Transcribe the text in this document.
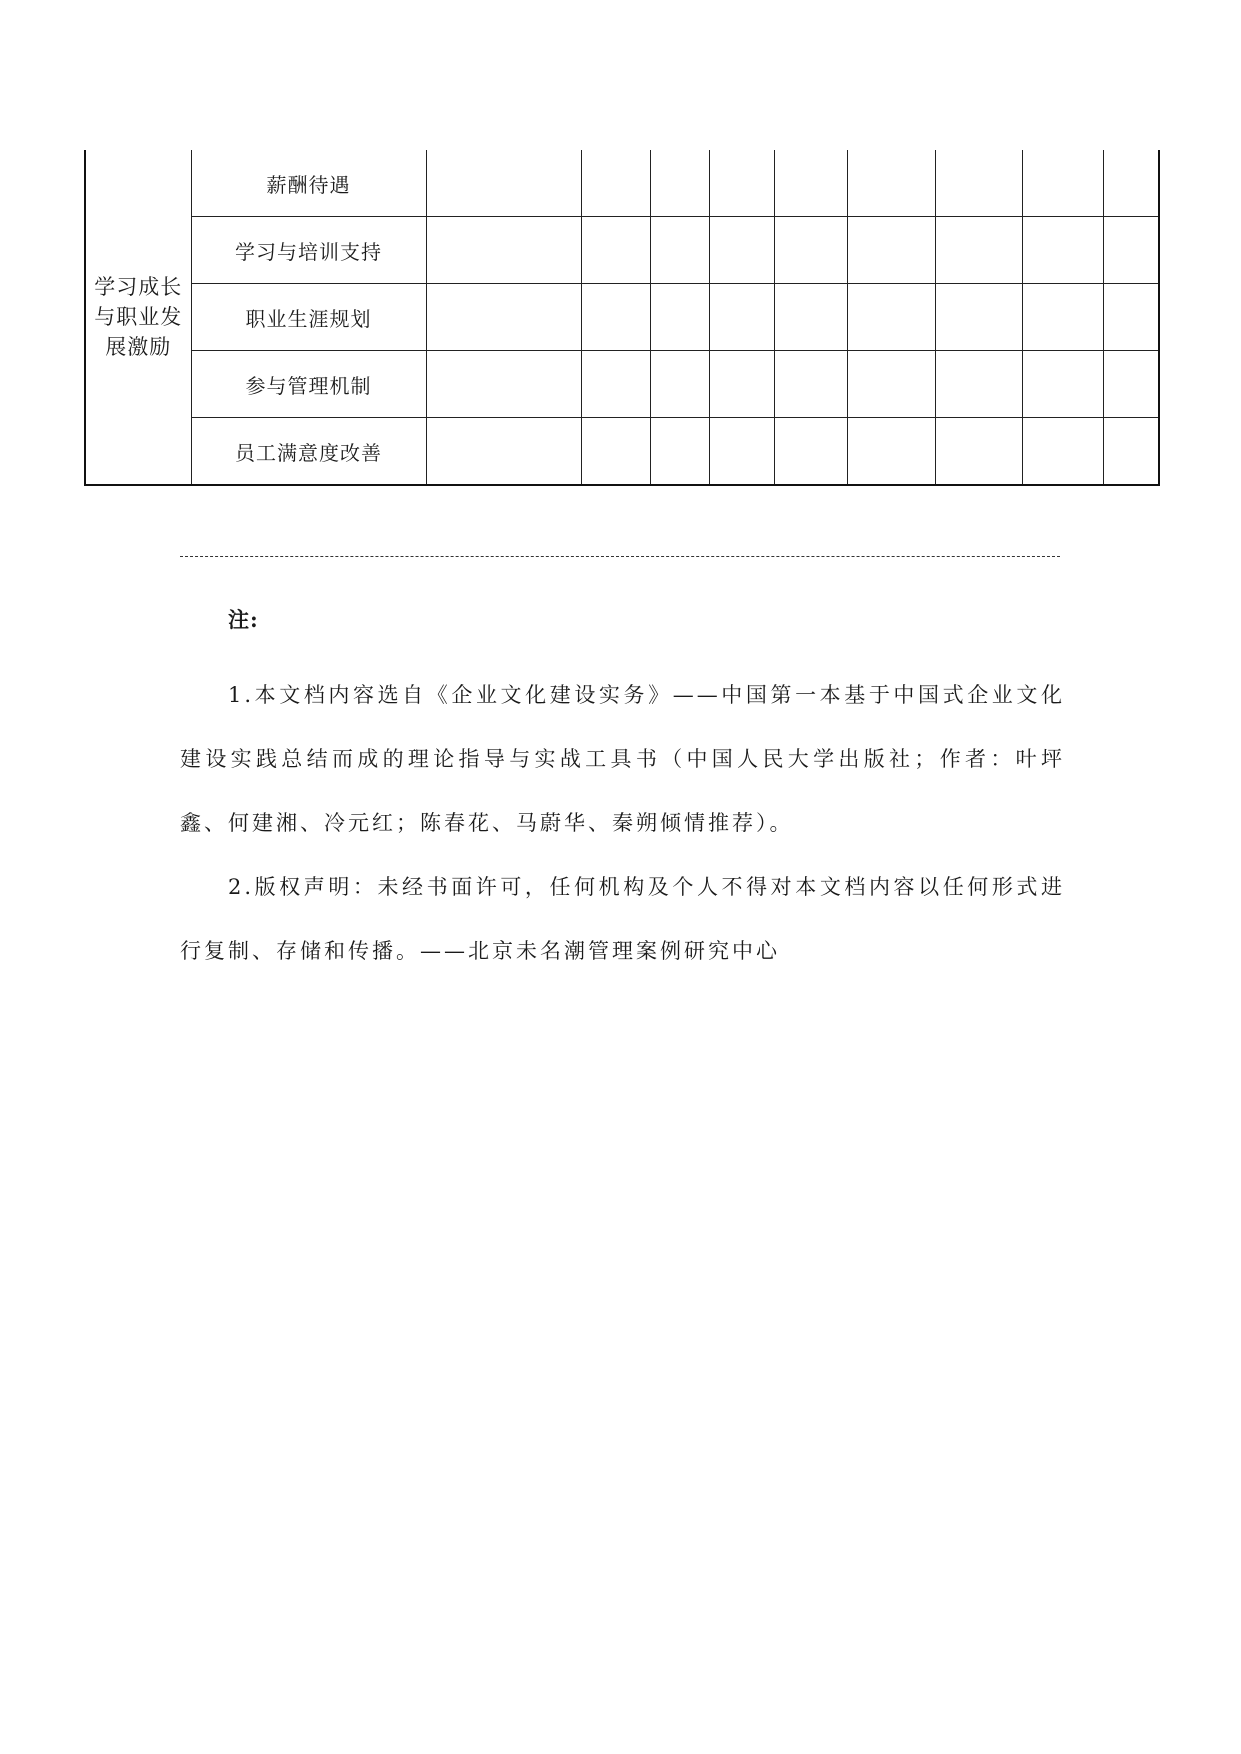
学习成长与职业发展激励	薪酬待遇									
	学习与培训支持									
	职业生涯规划									
	参与管理机制									
	员工满意度改善									

注:

1.本文档内容选自《企业文化建设实务》——中国第一本基于中国式企业文化建设实践总结而成的理论指导与实战工具书（中国人民大学出版社；作者：叶坪鑫、何建湘、冷元红；陈春花、马蔚华、秦朔倾情推荐）。

2.版权声明：未经书面许可，任何机构及个人不得对本文档内容以任何形式进行复制、存储和传播。——北京未名潮管理案例研究中心
